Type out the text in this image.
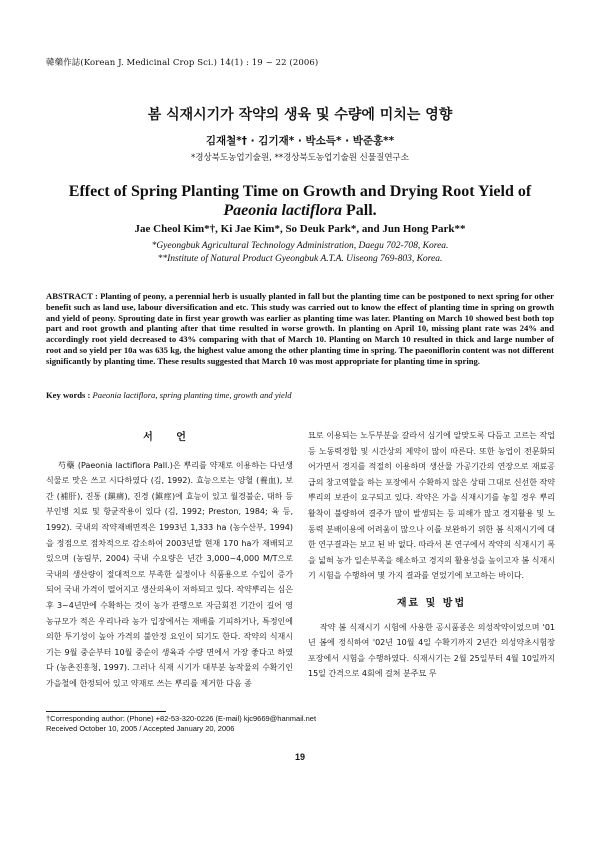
韓藥作誌(Korean J. Medicinal Crop Sci.) 14(1) : 19 ~ 22 (2006)
봄 식재시기가 작약의 생육 및 수량에 미치는 영향
김재철*† · 김기재* · 박소득* · 박준홍**
*경상북도농업기술원, **경상북도농업기술원 신물질연구소
Effect of Spring Planting Time on Growth and Drying Root Yield of
Paeonia lactiflora Pall.
Jae Cheol Kim*†, Ki Jae Kim*, So Deuk Park*, and Jun Hong Park**
*Gyeongbuk Agricultural Technology Administration, Daegu 702-708, Korea.
**Institute of Natural Product Gyeongbuk A.T.A. Uiseong 769-803, Korea.
ABSTRACT : Planting of peony, a perennial herb is usually planted in fall but the planting time can be postponed to next spring for other benefit such as land use, labour diversification and etc. This study was carried out to know the effect of planting time in spring on growth and yield of peony. Sprouting date in first year growth was earlier as planting time was later. Planting on March 10 showed best both top part and root growth and planting after that time resulted in worse growth. In planting on April 10, missing plant rate was 24% and accordingly root yield decreased to 43% comparing with that of March 10. Planting on March 10 resulted in thick and large number of root and so yield per 10a was 635 kg, the highest value among the other planting time in spring. The paeoniflorin content was not different significantly by planting time. These results suggested that March 10 was most appropriate for planting time in spring.
Key words : Paeonia lactiflora, spring planting time, growth and yield
서 언

芍藥 (Paeonia lactiflora Pall.)은 뿌리를 약재로 이용하는 다년생 식물로 맛은 쓰고 시다하였다 (김, 1992). 효능으로는 양혈 (養血), 보간 (補肝), 진통 (鎭痛), 진경 (鎭痙)에 효능이 있고 월경불순, 대하 등 부인병 치료 및 항균작용이 있다 (김, 1992; Preston, 1984; 육 등, 1992). 국내의 작약재배면적은 1993년 1,333 ha (농수산부, 1994)을 정점으로 점차적으로 감소하여 2003년말 현재 170 ha가 재배되고 있으며 (농림부, 2004) 국내 수요량은 년간 3,000~4,000 M/T으로 국내의 생산량이 절대적으로 부족한 실정이나 식품용으로 수입이 증가되어 국내 가격이 떨어지고 생산의욕이 저하되고 있다. 작약뿌리는 심은 후 3~4년만에 수확하는 것이 농가 관행으로 자금회전 기간이 길어 영농규모가 적은 우리나라 농가 입장에서는 재배를 기피하거나, 특정인에 의한 투기성이 높아 가격의 불안정 요인이 되기도 한다. 작약의 식재시기는 9월 중순부터 10월 중순이 생육과 수량 면에서 가장 좋다고 하였다 (농촌진흥청, 1997). 그러나 식재 시기가 대부분 농작물의 수확기인 가을철에 한정되어 있고 약재로 쓰는 뿌리를 제거한 다음 종

묘로 이용되는 노두부분을 갈라서 심기에 알맞도록 다듬고 고르는 작업 등 노동력경합 및 시간상의 제약이 많이 따른다. 또한 농업이 전문화되어가면서 경지를 적절히 이용하며 생산물 가공기간의 연장으로 재료공급의 창고역할을 하는 포장에서 수확하지 않은 상태 그대로 신선한 작약뿌리의 보관이 요구되고 있다. 작약은 가을 식재시기를 놓칠 경우 뿌리활착이 불량하여 결주가 많이 발생되는 등 피해가 많고 경지활용 및 노동력 분배이용에 어려움이 많으나 이를 보완하기 위한 봄 식재시기에 대한 연구결과는 보고 된 바 없다. 따라서 본 연구에서 작약의 식재시기 폭을 넓혀 농가 일손부족을 해소하고 경지의 활용성을 높이고자 봄 식재시기 시험을 수행하여 몇 가지 결과를 얻었기에 보고하는 바이다.

재료 및 방법

작약 봄 식재시기 시험에 사용한 공시품종은 의성작약이었으며 '01년 봄에 정식하여 '02년 10월 4일 수확기까지 2년간 의성약초시험장 포장에서 시험을 수행하였다. 식재시기는 2월 25일부터 4월 10일까지 15일 간격으로 4회에 걸쳐 분주묘 무

†Corresponding author: (Phone) +82-53-320-0226 (E-mail) kjc9669@hanmail.net
Received October 10, 2005 / Accepted January 20, 2006
19
